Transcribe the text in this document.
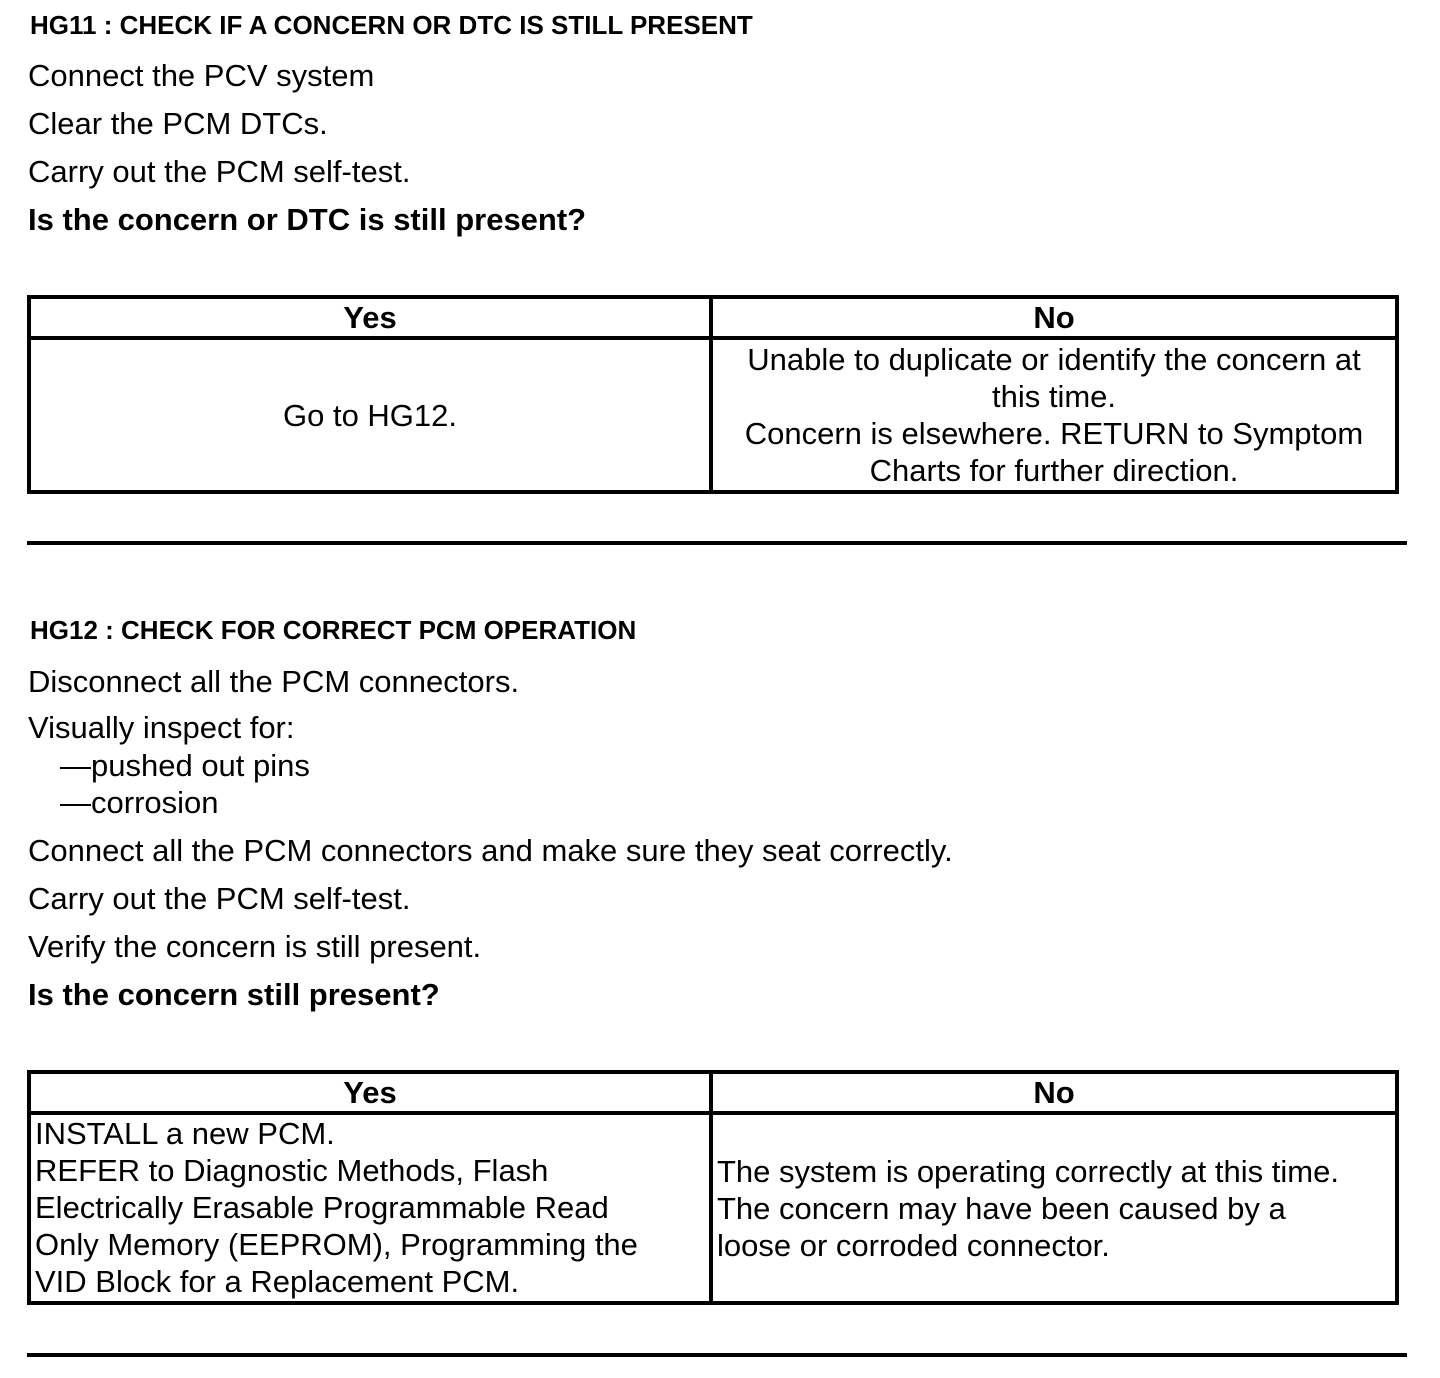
HG11 : CHECK IF A CONCERN OR DTC IS STILL PRESENT
Connect the PCV system
Clear the PCM DTCs.
Carry out the PCM self-test.
Is the concern or DTC is still present?
Yes	No

Go to HG12.	Unable to duplicate or identify the concern at
this time.
Concern is elsewhere. RETURN to Symptom
Charts for further direction.
HG12 : CHECK FOR CORRECT PCM OPERATION
Disconnect all the PCM connectors.
Visually inspect for:
—pushed out pins
—corrosion
Connect all the PCM connectors and make sure they seat correctly.
Carry out the PCM self-test.
Verify the concern is still present.
Is the concern still present?
Yes	No

INSTALL a new PCM.
REFER to Diagnostic Methods, Flash
Electrically Erasable Programmable Read
Only Memory (EEPROM), Programming the
VID Block for a Replacement PCM.	The system is operating correctly at this time.
The concern may have been caused by a
loose or corroded connector.
